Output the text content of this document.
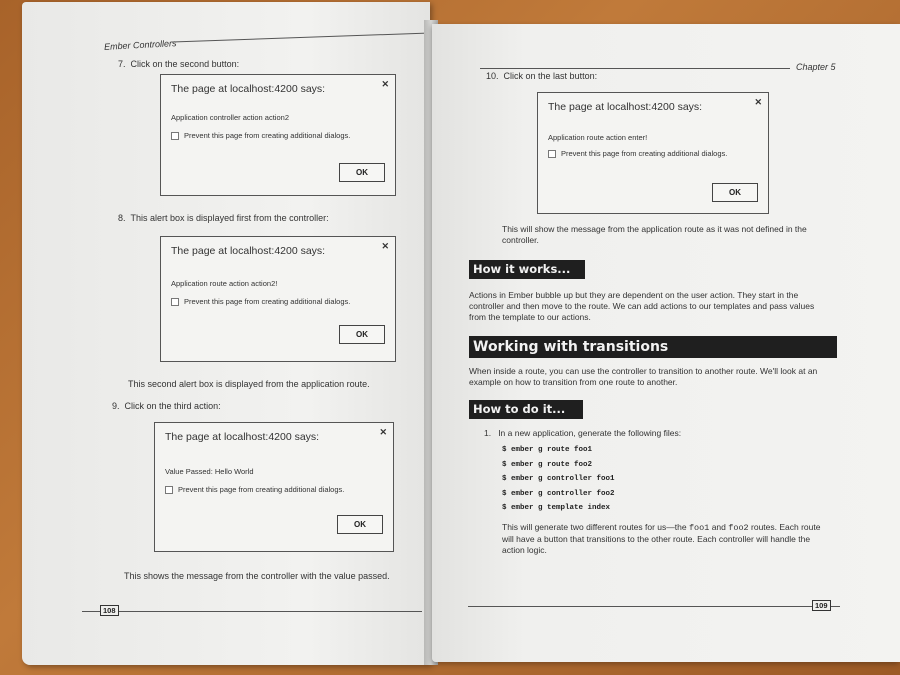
Ember Controllers
7. Click on the second button:
The page at localhost:4200 says:	✕
Application controller action action2
Prevent this page from creating additional dialogs.
OK
8. This alert box is displayed first from the controller:
The page at localhost:4200 says:	✕
Application route action action2!
Prevent this page from creating additional dialogs.
OK
This second alert box is displayed from the application route.
9. Click on the third action:
The page at localhost:4200 says:	✕
Value Passed: Hello World
Prevent this page from creating additional dialogs.
OK
This shows the message from the controller with the value passed.
108
Chapter 5
10. Click on the last button:
The page at localhost:4200 says:	✕
Application route action enter!
Prevent this page from creating additional dialogs.
OK
This will show the message from the application route as it was not defined in the
controller.
How it works...
Actions in Ember bubble up but they are dependent on the user action. They start in the
controller and then move to the route. We can add actions to our templates and pass values
from the template to our actions.
Working with transitions
When inside a route, you can use the controller to transition to another route. We'll look at an
example on how to transition from one route to another.
How to do it...
1. In a new application, generate the following files:
$ ember g route foo1
$ ember g route foo2
$ ember g controller foo1
$ ember g controller foo2
$ ember g template index
This will generate two different routes for us—the foo1 and foo2 routes. Each route
will have a button that transitions to the other route. Each controller will handle the
action logic.
109
